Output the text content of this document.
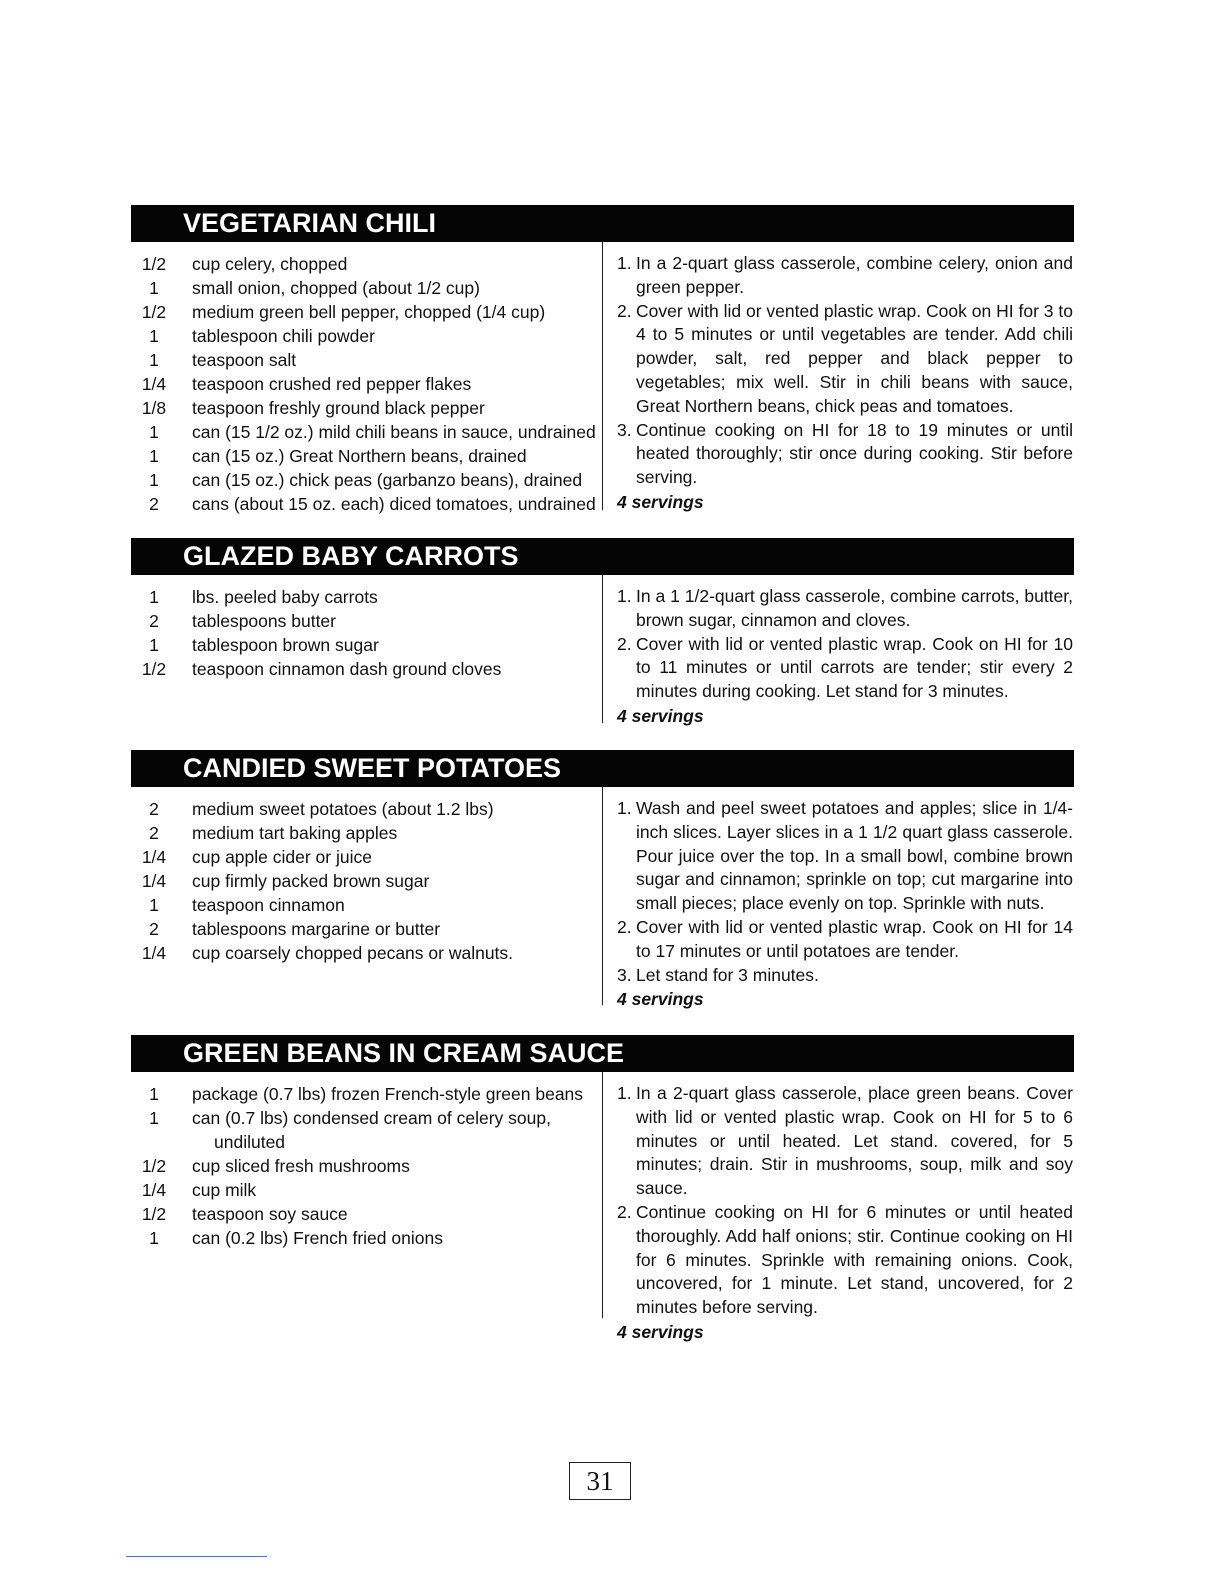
VEGETARIAN CHILI
1/2	cup celery, chopped
1	small onion, chopped (about 1/2 cup)
1/2	medium green bell pepper, chopped (1/4 cup)
1	tablespoon chili powder
1	teaspoon salt
1/4	teaspoon crushed red pepper flakes
1/8	teaspoon freshly ground black pepper
1	can (15 1/2 oz.) mild chili beans in sauce, undrained
1	can (15 oz.) Great Northern beans, drained
1	can (15 oz.) chick peas (garbanzo beans), drained
2	cans (about 15 oz. each) diced tomatoes, undrained
1. In a 2-quart glass casserole, combine celery, onion and green pepper.
2. Cover with lid or vented plastic wrap. Cook on HI for 3 to 4 to 5 minutes or until vegetables are tender. Add chili powder, salt, red pepper and black pepper to vegetables; mix well. Stir in chili beans with sauce, Great Northern beans, chick peas and tomatoes.
3. Continue cooking on HI for 18 to 19 minutes or until heated thoroughly; stir once during cooking. Stir before serving.
4 servings
GLAZED BABY CARROTS
1	lbs. peeled baby carrots
2	tablespoons butter
1	tablespoon brown sugar
1/2	teaspoon cinnamon dash ground cloves
1. In a 1 1/2-quart glass casserole, combine carrots, butter, brown sugar, cinnamon and cloves.
2. Cover with lid or vented plastic wrap. Cook on HI for 10 to 11 minutes or until carrots are tender; stir every 2 minutes during cooking. Let stand for 3 minutes.
4 servings
CANDIED SWEET POTATOES
2	medium sweet potatoes (about 1.2 lbs)
2	medium tart baking apples
1/4	cup apple cider or juice
1/4	cup firmly packed brown sugar
1	teaspoon cinnamon
2	tablespoons margarine or butter
1/4	cup coarsely chopped pecans or walnuts.
1. Wash and peel sweet potatoes and apples; slice in 1/4-inch slices. Layer slices in a 1 1/2 quart glass casserole. Pour juice over the top. In a small bowl, combine brown sugar and cinnamon; sprinkle on top; cut margarine into small pieces; place evenly on top. Sprinkle with nuts.
2. Cover with lid or vented plastic wrap. Cook on HI for 14 to 17 minutes or until potatoes are tender.
3. Let stand for 3 minutes.
4 servings
GREEN BEANS IN CREAM SAUCE
1	package (0.7 lbs) frozen French-style green beans
1	can (0.7 lbs) condensed cream of celery soup,
undiluted
1/2	cup sliced fresh mushrooms
1/4	cup milk
1/2	teaspoon soy sauce
1	can (0.2 lbs) French fried onions
1. In a 2-quart glass casserole, place green beans. Cover with lid or vented plastic wrap. Cook on HI for 5 to 6 minutes or until heated. Let stand. covered, for 5 minutes; drain. Stir in mushrooms, soup, milk and soy sauce.
2. Continue cooking on HI for 6 minutes or until heated thoroughly. Add half onions; stir. Continue cooking on HI for 6 minutes. Sprinkle with remaining onions. Cook, uncovered, for 1 minute. Let stand, uncovered, for 2 minutes before serving.
4 servings
31
